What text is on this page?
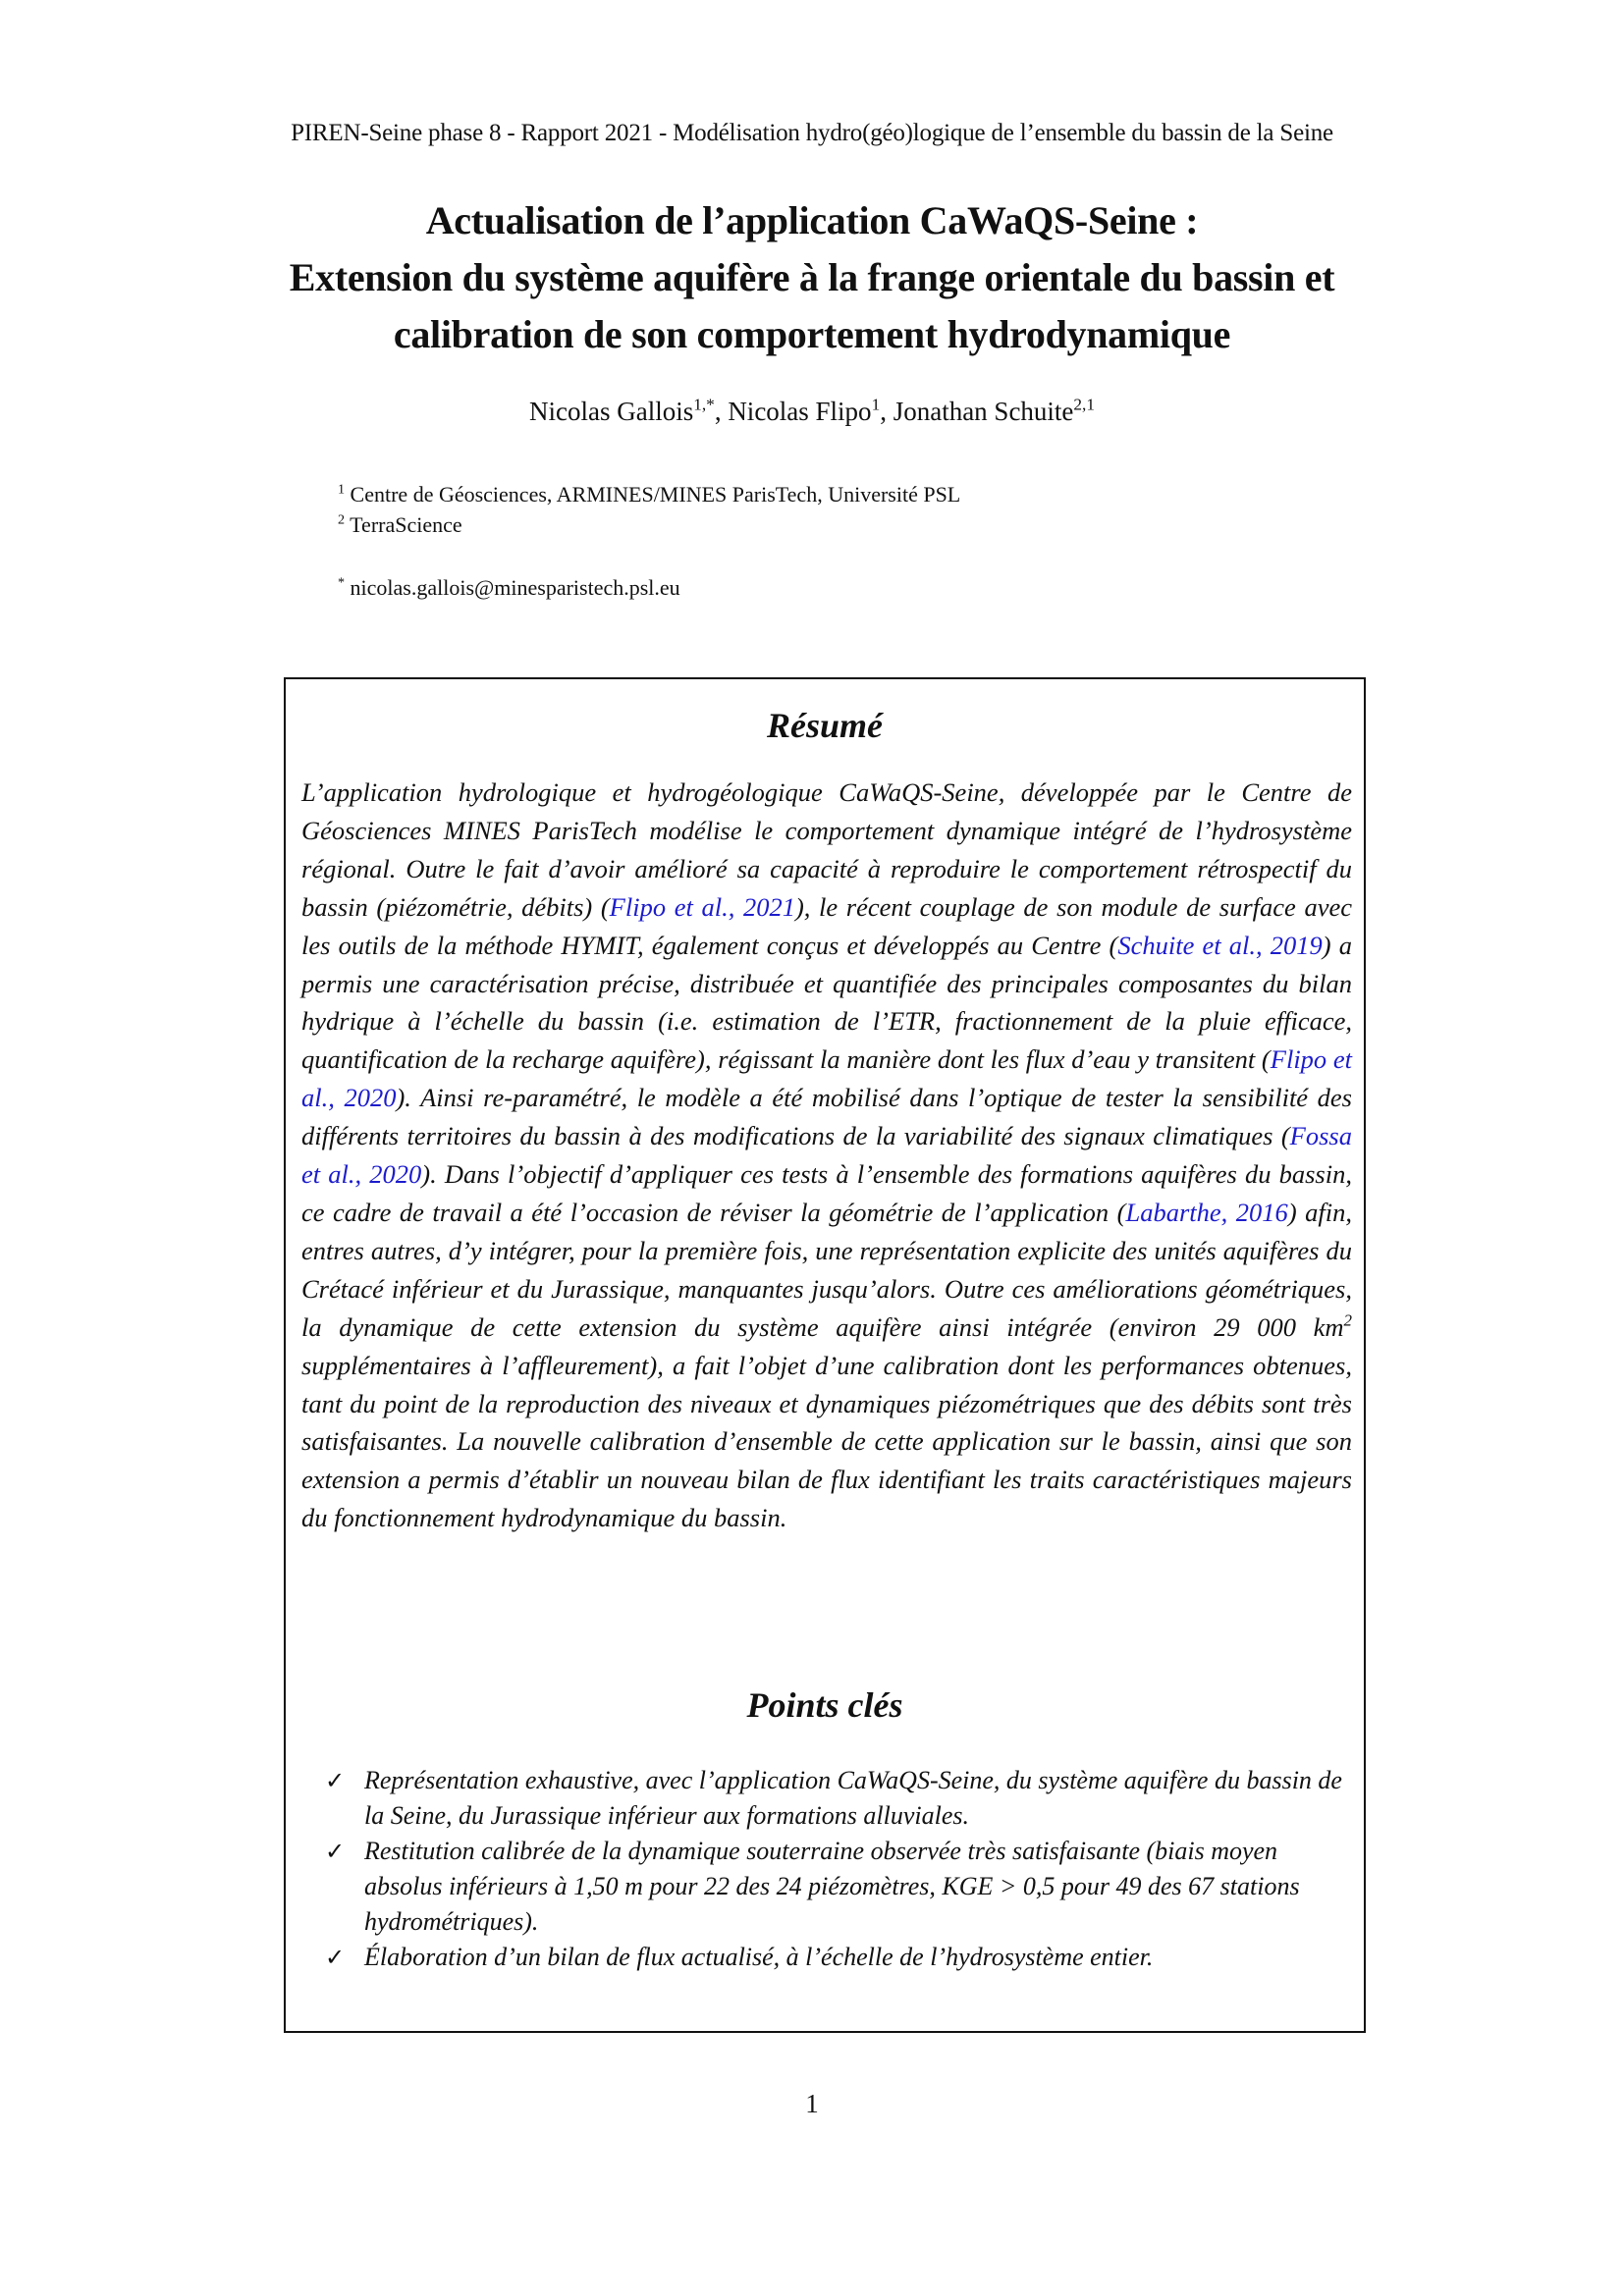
PIREN-Seine phase 8 - Rapport 2021 - Modélisation hydro(géo)logique de l’ensemble du bassin de la Seine
Actualisation de l’application CaWaQS-Seine :
Extension du système aquifère à la frange orientale du bassin et
calibration de son comportement hydrodynamique
Nicolas Gallois$^{1,*}$, Nicolas Flipo$^1$, Jonathan Schuite$^{2,1}$
$^1$ Centre de Géosciences, ARMINES/MINES ParisTech, Université PSL
$^2$ TerraScience
* nicolas.gallois@minesparistech.psl.eu
Résumé
L’application hydrologique et hydrogéologique CaWaQS-Seine, développée par le Centre de Géosciences MINES ParisTech modélise le comportement dynamique intégré de l’hydrosystème régional. Outre le fait d’avoir amélioré sa capacité à reproduire le comportement rétrospectif du bassin (piézométrie, débits) (Flipo et al., 2021), le récent couplage de son module de surface avec les outils de la méthode HYMIT, également conçus et développés au Centre (Schuite et al., 2019) a permis une caractérisation précise, distribuée et quantifiée des principales composantes du bilan hydrique à l’échelle du bassin (i.e. estimation de l’ETR, fractionnement de la pluie efficace, quantification de la recharge aquifère), régissant la manière dont les flux d’eau y transitent (Flipo et al., 2020). Ainsi re-paramétré, le modèle a été mobilisé dans l’optique de tester la sensibilité des différents territoires du bassin à des modifications de la variabilité des signaux climatiques (Fossa et al., 2020). Dans l’objectif d’appliquer ces tests à l’ensemble des formations aquifères du bassin, ce cadre de travail a été l’occasion de réviser la géométrie de l’application (Labarthe, 2016) afin, entres autres, d’y intégrer, pour la première fois, une représentation explicite des unités aquifères du Crétacé inférieur et du Jurassique, manquantes jusqu’alors. Outre ces améliorations géométriques, la dynamique de cette extension du système aquifère ainsi intégrée (environ 29 000 $km^2$ supplémentaires à l’affleurement), a fait l’objet d’une calibration dont les performances obtenues, tant du point de la reproduction des niveaux et dynamiques piézométriques que des débits sont très satisfaisantes. La nouvelle calibration d’ensemble de cette application sur le bassin, ainsi que son extension a permis d’établir un nouveau bilan de flux identifiant les traits caractéristiques majeurs du fonctionnement hydrodynamique du bassin.
Points clés
✓ Représentation exhaustive, avec l’application CaWaQS-Seine, du système aquifère du bassin de la Seine, du Jurassique inférieur aux formations alluviales.
✓ Restitution calibrée de la dynamique souterraine observée très satisfaisante (biais moyen absolus inférieurs à 1,50 m pour 22 des 24 piézomètres, KGE > 0,5 pour 49 des 67 stations hydrométriques).
✓ Élaboration d’un bilan de flux actualisé, à l’échelle de l’hydrosystème entier.
1
